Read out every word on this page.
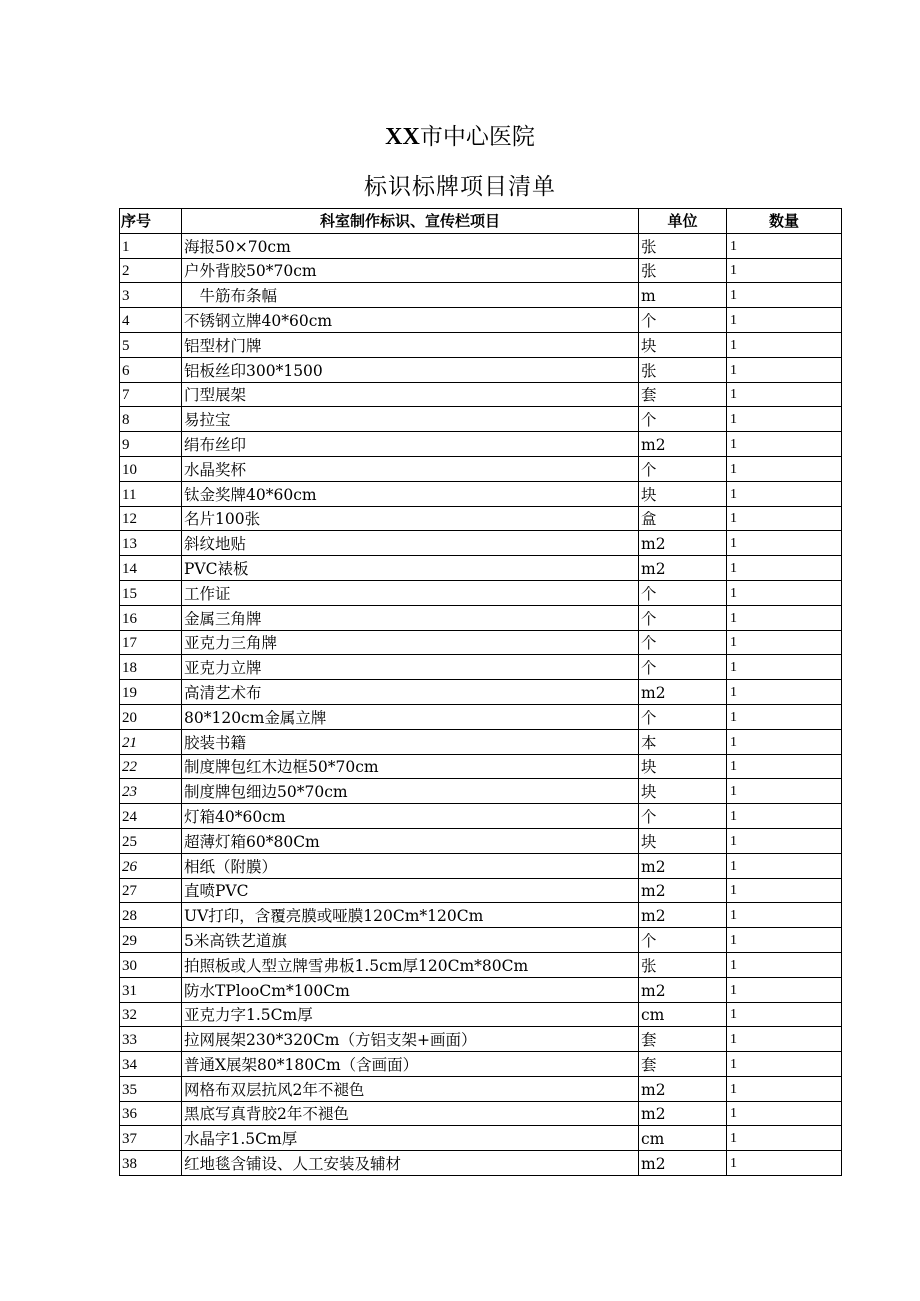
XX市中心医院
标识标牌项目清单
序号	科室制作标识、宣传栏项目	单位	数量
1	海报50×70cm	张	1
2	户外背胶50*70cm	张	1
3	　牛筋布条幅	m	1
4	不锈钢立牌40*60cm	个	1
5	铝型材门牌	块	1
6	铝板丝印300*1500	张	1
7	门型展架	套	1
8	易拉宝	个	1
9	绢布丝印	m2	1
10	水晶奖杯	个	1
11	钛金奖牌40*60cm	块	1
12	名片100张	盒	1
13	斜纹地贴	m2	1
14	PVC裱板	m2	1
15	工作证	个	1
16	金属三角牌	个	1
17	亚克力三角牌	个	1
18	亚克力立牌	个	1
19	高清艺术布	m2	1
20	80*120cm金属立牌	个	1
21	胶装书籍	本	1
22	制度牌包红木边框50*70cm	块	1
23	制度牌包细边50*70cm	块	1
24	灯箱40*60cm	个	1
25	超薄灯箱60*80Cm	块	1
26	相纸（附膜）	m2	1
27	直喷PVC	m2	1
28	UV打印，含覆亮膜或哑膜120Cm*120Cm	m2	1
29	5米高铁艺道旗	个	1
30	拍照板或人型立牌雪弗板1.5cm厚120Cm*80Cm	张	1
31	防水TPlooCm*100Cm	m2	1
32	亚克力字1.5Cm厚	cm	1
33	拉网展架230*320Cm（方铝支架+画面）	套	1
34	普通X展架80*180Cm（含画面）	套	1
35	网格布双层抗风2年不褪色	m2	1
36	黑底写真背胶2年不褪色	m2	1
37	水晶字1.5Cm厚	cm	1
38	红地毯含铺设、人工安装及辅材	m2	1
